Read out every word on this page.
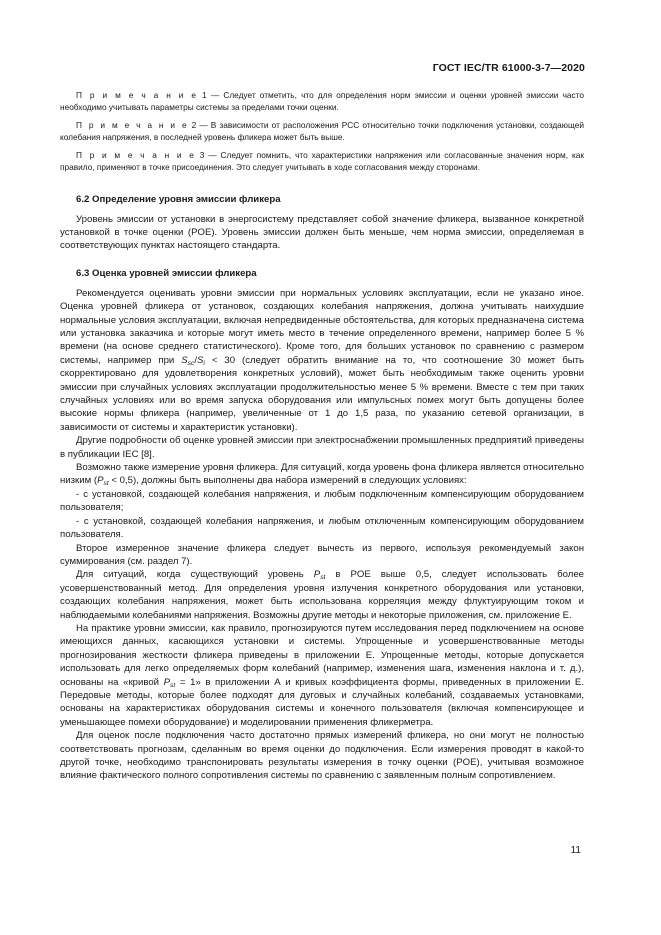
ГОСТ IEC/TR 61000-3-7—2020

П р и м е ч а н и е 1 — Следует отметить, что для определения норм эмиссии и оценки уровней эмиссии часто необходимо учитывать параметры системы за пределами точки оценки.

П р и м е ч а н и е 2 — В зависимости от расположения PCC относительно точки подключения установки, создающей колебания напряжения, в последней уровень фликера может быть выше.

П р и м е ч а н и е 3 — Следует помнить, что характеристики напряжения или согласованные значения норм, как правило, применяют в точке присоединения. Это следует учитывать в ходе согласования между сторонами.

6.2 Определение уровня эмиссии фликера

Уровень эмиссии от установки в энергосистему представляет собой значение фликера, вызванное конкретной установкой в точке оценки (POE). Уровень эмиссии должен быть меньше, чем норма эмиссии, определяемая в соответствующих пунктах настоящего стандарта.

6.3 Оценка уровней эмиссии фликера

Рекомендуется оценивать уровни эмиссии при нормальных условиях эксплуатации, если не указано иное. Оценка уровней фликера от установок, создающих колебания напряжения, должна учитывать наихудшие нормальные условия эксплуатации, включая непредвиденные обстоятельства, для которых предназначена система или установка заказчика и которые могут иметь место в течение определенного времени, например более 5 % времени (на основе среднего статистического). Кроме того, для больших установок по сравнению с размером системы, например при $S_{sc}/S_i < 30$ (следует обратить внимание на то, что соотношение 30 может быть скорректировано для удовлетворения конкретных условий), может быть необходимым также оценить уровни эмиссии при случайных условиях эксплуатации продолжительностью менее 5 % времени. Вместе с тем при таких случайных условиях или во время запуска оборудования или импульсных помех могут быть допущены более высокие нормы фликера (например, увеличенные от 1 до 1,5 раза, по указанию сетевой организации, в зависимости от системы и характеристик установки).

Другие подробности об оценке уровней эмиссии при электроснабжении промышленных предприятий приведены в публикации IEC [8].

Возможно также измерение уровня фликера. Для ситуаций, когда уровень фона фликера является относительно низким $(P_{st} < 0,5)$, должны быть выполнены два набора измерений в следующих условиях:

- с установкой, создающей колебания напряжения, и любым подключенным компенсирующим оборудованием пользователя;

- с установкой, создающей колебания напряжения, и любым отключенным компенсирующим оборудованием пользователя.

Второе измеренное значение фликера следует вычесть из первого, используя рекомендуемый закон суммирования (см. раздел 7).

Для ситуаций, когда существующий уровень $P_{st}$ в POE выше 0,5, следует использовать более усовершенствованный метод. Для определения уровня излучения конкретного оборудования или установки, создающих колебания напряжения, может быть использована корреляция между флуктуирующим током и наблюдаемыми колебаниями напряжения. Возможны другие методы и некоторые приложения, см. приложение Е.

На практике уровни эмиссии, как правило, прогнозируются путем исследования перед подключением на основе имеющихся данных, касающихся установки и системы. Упрощенные и усовершенствованные методы прогнозирования жесткости фликера приведены в приложении Е. Упрощенные методы, которые допускается использовать для легко определяемых форм колебаний (например, изменения шага, изменения наклона и т. д.), основаны на «кривой $P_{st} = 1$» в приложении А и кривых коэффициента формы, приведенных в приложении Е. Передовые методы, которые более подходят для дуговых и случайных колебаний, создаваемых установками, основаны на характеристиках оборудования системы и конечного пользователя (включая компенсирующее и уменьшающее помехи оборудование) и моделировании применения фликерметра.

Для оценок после подключения часто достаточно прямых измерений фликера, но они могут не полностью соответствовать прогнозам, сделанным во время оценки до подключения. Если измерения проводят в какой-то другой точке, необходимо транспонировать результаты измерения в точку оценки (POE), учитывая возможное влияние фактического полного сопротивления системы по сравнению с заявленным полным сопротивлением.

11
